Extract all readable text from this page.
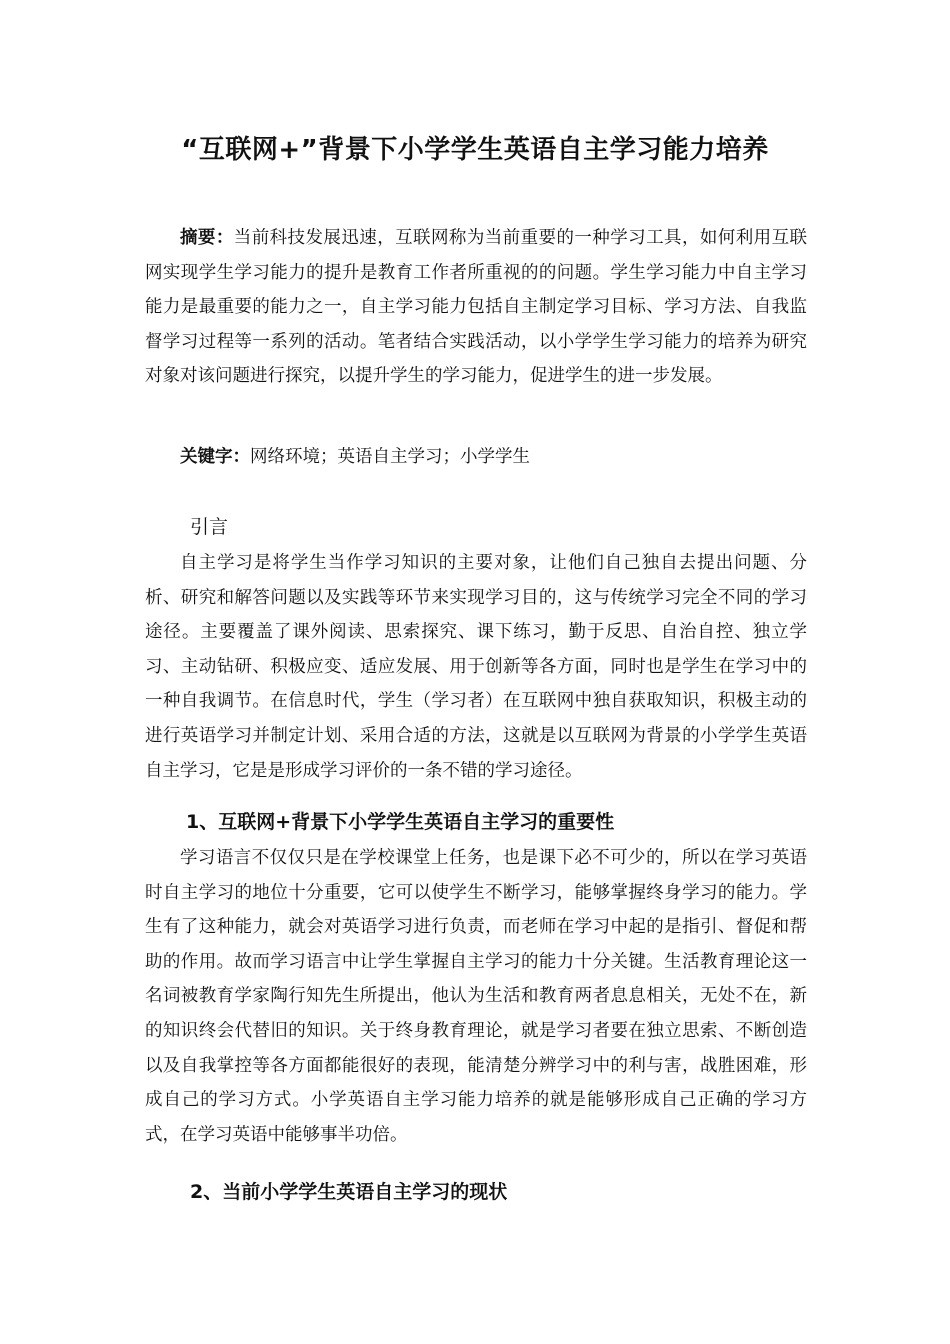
“互联网+”背景下小学学生英语自主学习能力培养

摘要：当前科技发展迅速，互联网称为当前重要的一种学习工具，如何利用互联网实现学生学习能力的提升是教育工作者所重视的的问题。学生学习能力中自主学习能力是最重要的能力之一，自主学习能力包括自主制定学习目标、学习方法、自我监督学习过程等一系列的活动。笔者结合实践活动，以小学学生学习能力的培养为研究对象对该问题进行探究，以提升学生的学习能力，促进学生的进一步发展。

关键字：网络环境；英语自主学习；小学学生

引言

自主学习是将学生当作学习知识的主要对象，让他们自己独自去提出问题、分析、研究和解答问题以及实践等环节来实现学习目的，这与传统学习完全不同的学习途径。主要覆盖了课外阅读、思索探究、课下练习，勤于反思、自治自控、独立学习、主动钻研、积极应变、适应发展、用于创新等各方面，同时也是学生在学习中的一种自我调节。在信息时代，学生（学习者）在互联网中独自获取知识，积极主动的进行英语学习并制定计划、采用合适的方法，这就是以互联网为背景的小学学生英语自主学习，它是是形成学习评价的一条不错的学习途径。

1、互联网+背景下小学学生英语自主学习的重要性

学习语言不仅仅只是在学校课堂上任务，也是课下必不可少的，所以在学习英语时自主学习的地位十分重要，它可以使学生不断学习，能够掌握终身学习的能力。学生有了这种能力，就会对英语学习进行负责，而老师在学习中起的是指引、督促和帮助的作用。故而学习语言中让学生掌握自主学习的能力十分关键。生活教育理论这一名词被教育学家陶行知先生所提出，他认为生活和教育两者息息相关，无处不在，新的知识终会代替旧的知识。关于终身教育理论，就是学习者要在独立思索、不断创造以及自我掌控等各方面都能很好的表现，能清楚分辨学习中的利与害，战胜困难，形成自己的学习方式。小学英语自主学习能力培养的就是能够形成自己正确的学习方式，在学习英语中能够事半功倍。

2、当前小学学生英语自主学习的现状
